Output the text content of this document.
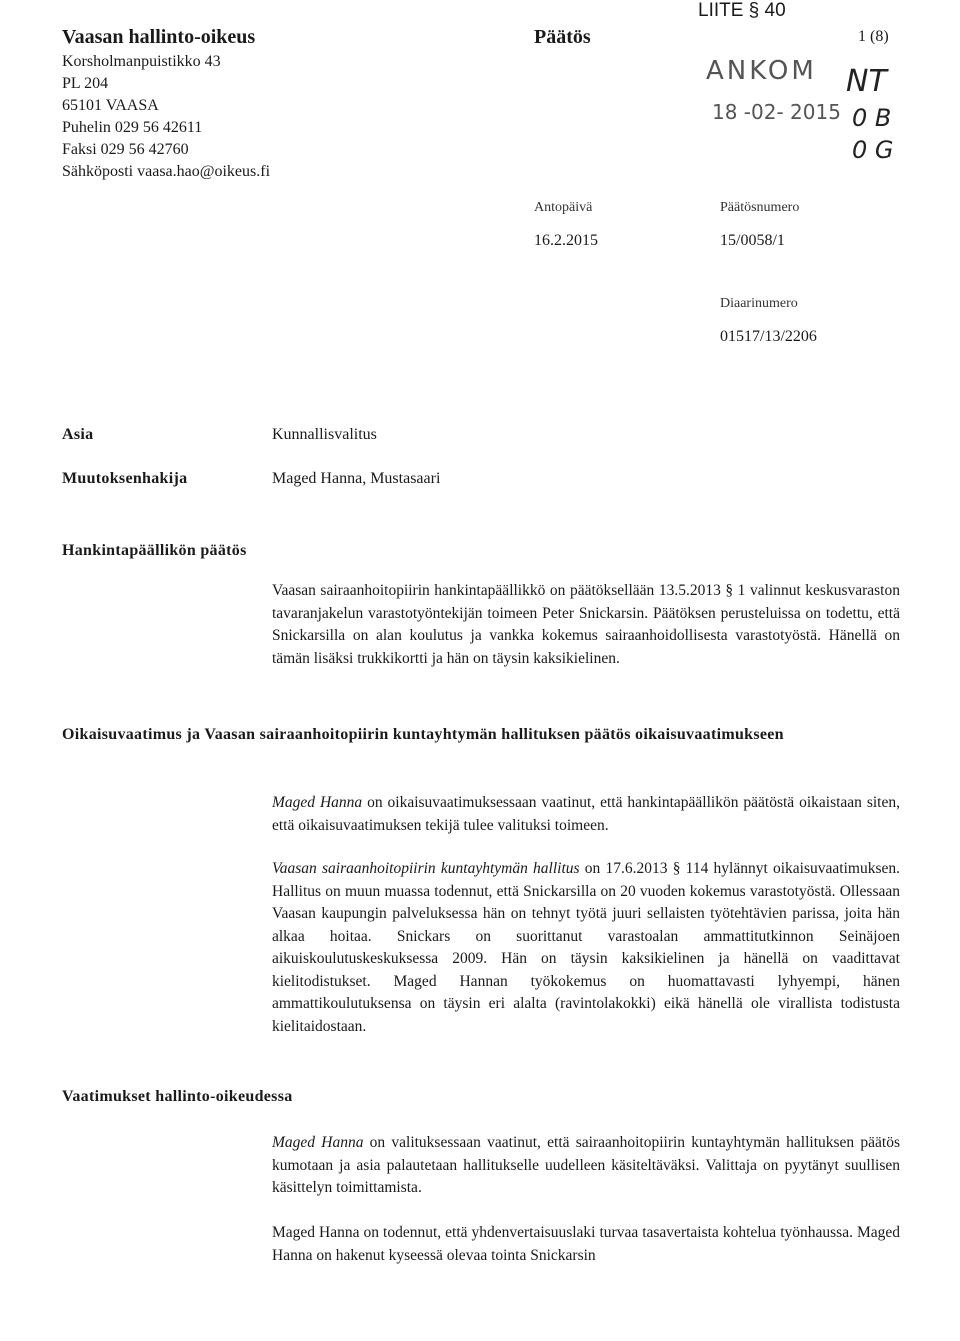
LIITE § 40
Vaasan hallinto-oikeus
Korsholmanpuistikko 43
PL 204
65101 VAASA
Puhelin 029 56 42611
Faksi 029 56 42760
Sähköposti vaasa.hao@oikeus.fi
Päätös	1 (8)
ANKOM
18 -02- 2015
NT
0 B
0 G
Antopäivä
16.2.2015
Päätösnumero
15/0058/1
Diaarinumero
01517/13/2206
Asia	Kunnallisvalitus
Muutoksenhakija	Maged Hanna, Mustasaari
Hankintapäällikön päätös
Vaasan sairaanhoitopiirin hankintapäällikkö on päätöksellään 13.5.2013 § 1 valinnut keskusvaraston tavaranjakelun varastotyöntekijän toimeen Peter Snickarsin. Päätöksen perusteluissa on todettu, että Snickarsilla on alan koulutus ja vankka kokemus sairaanhoidollisesta varastotyöstä. Hänellä on tämän lisäksi trukkikortti ja hän on täysin kaksikielinen.
Oikaisuvaatimus ja Vaasan sairaanhoitopiirin kuntayhtymän hallituksen päätös oikaisuvaatimukseen
Maged Hanna on oikaisuvaatimuksessaan vaatinut, että hankintapäällikön päätöstä oikaistaan siten, että oikaisuvaatimuksen tekijä tulee valituksi toimeen.
Vaasan sairaanhoitopiirin kuntayhtymän hallitus on 17.6.2013 § 114 hylännyt oikaisuvaatimuksen. Hallitus on muun muassa todennut, että Snickarsilla on 20 vuoden kokemus varastotyöstä. Ollessaan Vaasan kaupungin palveluksessa hän on tehnyt työtä juuri sellaisten työtehtävien parissa, joita hän alkaa hoitaa. Snickars on suorittanut varastoalan ammattitutkinnon Seinäjoen aikuiskoulutuskeskuksessa 2009. Hän on täysin kaksikielinen ja hänellä on vaadittavat kielitodistukset. Maged Hannan työkokemus on huomattavasti lyhyempi, hänen ammattikoulutuksensa on täysin eri alalta (ravintolakokki) eikä hänellä ole virallista todistusta kielitaidostaan.
Vaatimukset hallinto-oikeudessa
Maged Hanna on valituksessaan vaatinut, että sairaanhoitopiirin kuntayhtymän hallituksen päätös kumotaan ja asia palautetaan hallitukselle uudelleen käsiteltäväksi. Valittaja on pyytänyt suullisen käsittelyn toimittamista.
Maged Hanna on todennut, että yhdenvertaisuuslaki turvaa tasavertaista kohtelua työnhaussa. Maged Hanna on hakenut kyseessä olevaa tointa Snickarsin
